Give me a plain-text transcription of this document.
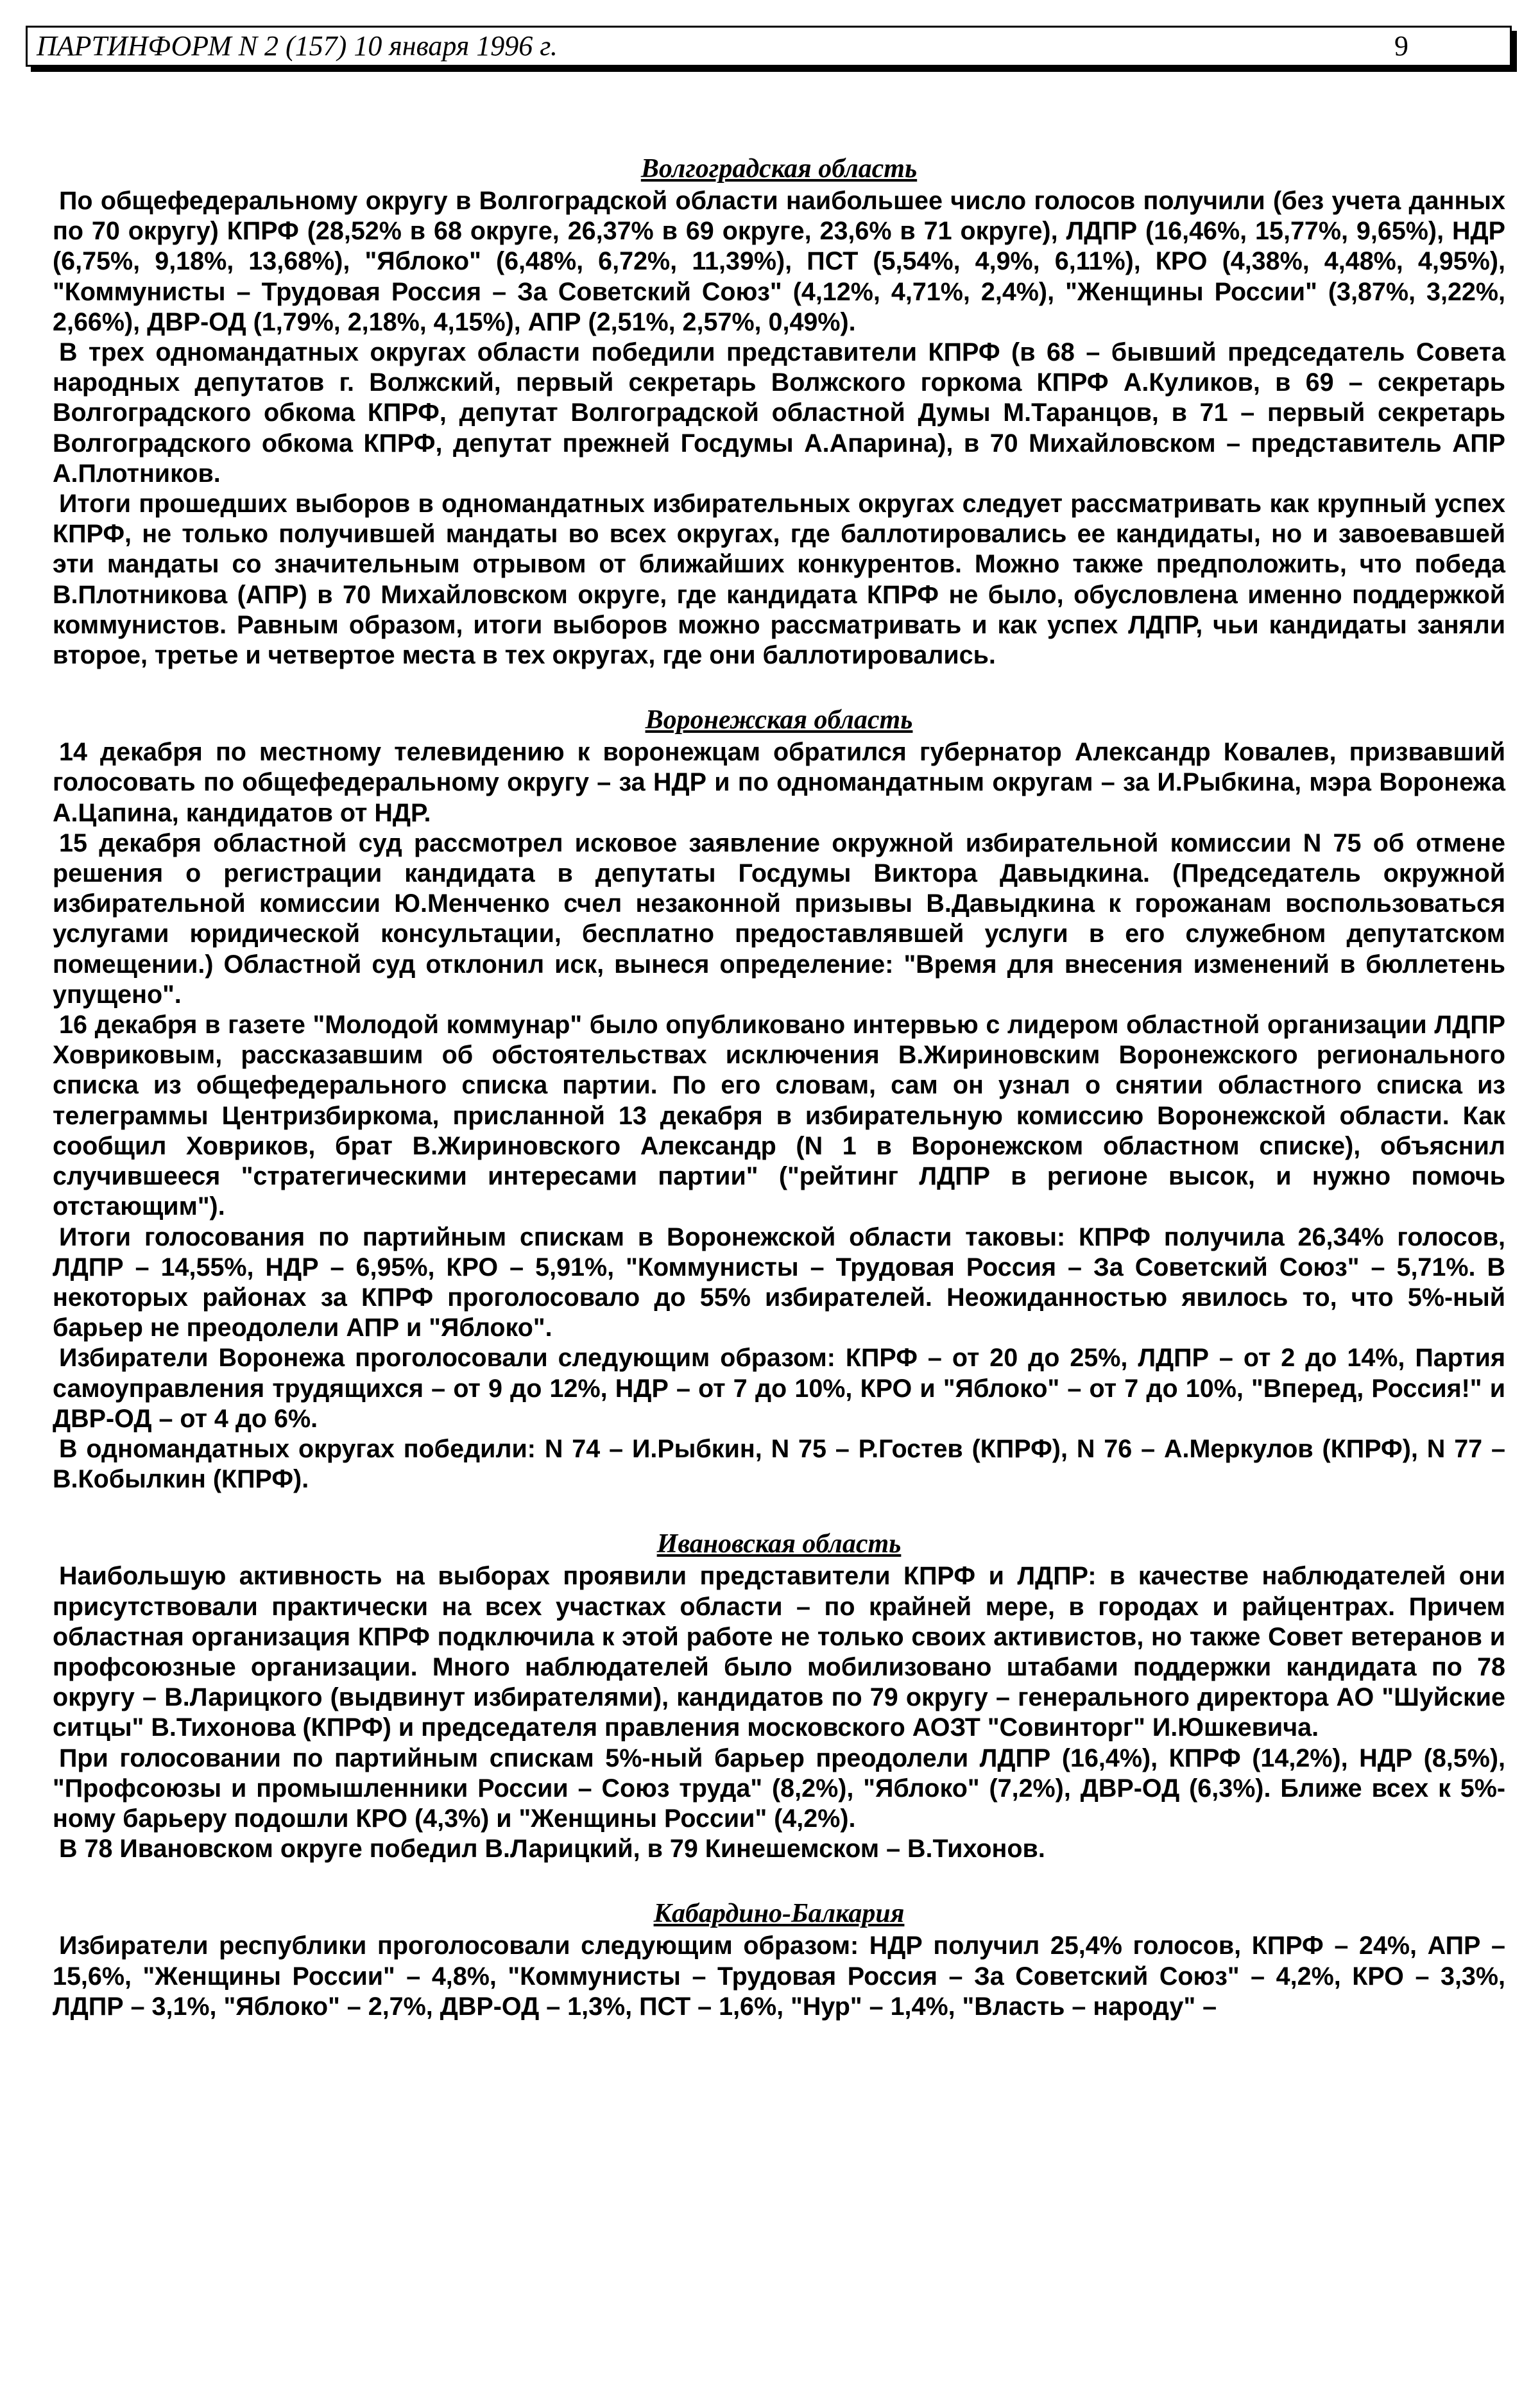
ПАРТИНФОРМ N 2 (157) 10 января 1996 г.	9
Волгоградская область

По общефедеральному округу в Волгоградской области наибольшее число голосов получили (без учета данных по 70 округу) КПРФ (28,52% в 68 округе, 26,37% в 69 округе, 23,6% в 71 округе), ЛДПР (16,46%, 15,77%, 9,65%), НДР (6,75%, 9,18%, 13,68%), "Яблоко" (6,48%, 6,72%, 11,39%), ПСТ (5,54%, 4,9%, 6,11%), КРО (4,38%, 4,48%, 4,95%), "Коммунисты – Трудовая Россия – За Советский Союз" (4,12%, 4,71%, 2,4%), "Женщины России" (3,87%, 3,22%, 2,66%), ДВР-ОД (1,79%, 2,18%, 4,15%), АПР (2,51%, 2,57%, 0,49%).

В трех одномандатных округах области победили представители КПРФ (в 68 – бывший председатель Совета народных депутатов г. Волжский, первый секретарь Волжского горкома КПРФ А.Куликов, в 69 – секретарь Волгоградского обкома КПРФ, депутат Волгоградской областной Думы М.Таранцов, в 71 – первый секретарь Волгоградского обкома КПРФ, депутат прежней Госдумы А.Апарина), в 70 Михайловском – представитель АПР А.Плотников.

Итоги прошедших выборов в одномандатных избирательных округах следует рассматривать как крупный успех КПРФ, не только получившей мандаты во всех округах, где баллотировались ее кандидаты, но и завоевавшей эти мандаты со значительным отрывом от ближайших конкурентов. Можно также предположить, что победа В.Плотникова (АПР) в 70 Михайловском округе, где кандидата КПРФ не было, обусловлена именно поддержкой коммунистов. Равным образом, итоги выборов можно рассматривать и как успех ЛДПР, чьи кандидаты заняли второе, третье и четвертое места в тех округах, где они баллотировались.

Воронежская область

14 декабря по местному телевидению к воронежцам обратился губернатор Александр Ковалев, призвавший голосовать по общефедеральному округу – за НДР и по одномандатным округам – за И.Рыбкина, мэра Воронежа А.Цапина, кандидатов от НДР.

15 декабря областной суд рассмотрел исковое заявление окружной избирательной комиссии N 75 об отмене решения о регистрации кандидата в депутаты Госдумы Виктора Давыдкина. (Председатель окружной избирательной комиссии Ю.Менченко счел незаконной призывы В.Давыдкина к горожанам воспользоваться услугами юридической консультации, бесплатно предоставлявшей услуги в его служебном депутатском помещении.) Областной суд отклонил иск, вынеся определение: "Время для внесения изменений в бюллетень упущено".

16 декабря в газете "Молодой коммунар" было опубликовано интервью с лидером областной организации ЛДПР Ховриковым, рассказавшим об обстоятельствах исключения В.Жириновским Воронежского регионального списка из общефедерального списка партии. По его словам, сам он узнал о снятии областного списка из телеграммы Центризбиркома, присланной 13 декабря в избирательную комиссию Воронежской области. Как сообщил Ховриков, брат В.Жириновского Александр (N 1 в Воронежском областном списке), объяснил случившееся "стратегическими интересами партии" ("рейтинг ЛДПР в регионе высок, и нужно помочь отстающим").

Итоги голосования по партийным спискам в Воронежской области таковы: КПРФ получила 26,34% голосов, ЛДПР – 14,55%, НДР – 6,95%, КРО – 5,91%, "Коммунисты – Трудовая Россия – За Советский Союз" – 5,71%. В некоторых районах за КПРФ проголосовало до 55% избирателей. Неожиданностью явилось то, что 5%-ный барьер не преодолели АПР и "Яблоко".

Избиратели Воронежа проголосовали следующим образом: КПРФ – от 20 до 25%, ЛДПР – от 2 до 14%, Партия самоуправления трудящихся – от 9 до 12%, НДР – от 7 до 10%, КРО и "Яблоко" – от 7 до 10%, "Вперед, Россия!" и ДВР-ОД – от 4 до 6%.

В одномандатных округах победили: N 74 – И.Рыбкин, N 75 – Р.Гостев (КПРФ), N 76 – А.Меркулов (КПРФ), N 77 – В.Кобылкин (КПРФ).

Ивановская область

Наибольшую активность на выборах проявили представители КПРФ и ЛДПР: в качестве наблюдателей они присутствовали практически на всех участках области – по крайней мере, в городах и райцентрах. Причем областная организация КПРФ подключила к этой работе не только своих активистов, но также Совет ветеранов и профсоюзные организации. Много наблюдателей было мобилизовано штабами поддержки кандидата по 78 округу – В.Ларицкого (выдвинут избирателями), кандидатов по 79 округу – генерального директора АО "Шуйские ситцы" В.Тихонова (КПРФ) и председателя правления московского АОЗТ "Совинторг" И.Юшкевича.

При голосовании по партийным спискам 5%-ный барьер преодолели ЛДПР (16,4%), КПРФ (14,2%), НДР (8,5%), "Профсоюзы и промышленники России – Союз труда" (8,2%), "Яблоко" (7,2%), ДВР-ОД (6,3%). Ближе всех к 5%-ному барьеру подошли КРО (4,3%) и "Женщины России" (4,2%).

В 78 Ивановском округе победил В.Ларицкий, в 79 Кинешемском – В.Тихонов.

Кабардино-Балкария

Избиратели республики проголосовали следующим образом: НДР получил 25,4% голосов, КПРФ – 24%, АПР – 15,6%, "Женщины России" – 4,8%, "Коммунисты – Трудовая Россия – За Советский Союз" – 4,2%, КРО – 3,3%, ЛДПР – 3,1%, "Яблоко" – 2,7%, ДВР-ОД – 1,3%, ПСТ – 1,6%, "Нур" – 1,4%, "Власть – народу" –
